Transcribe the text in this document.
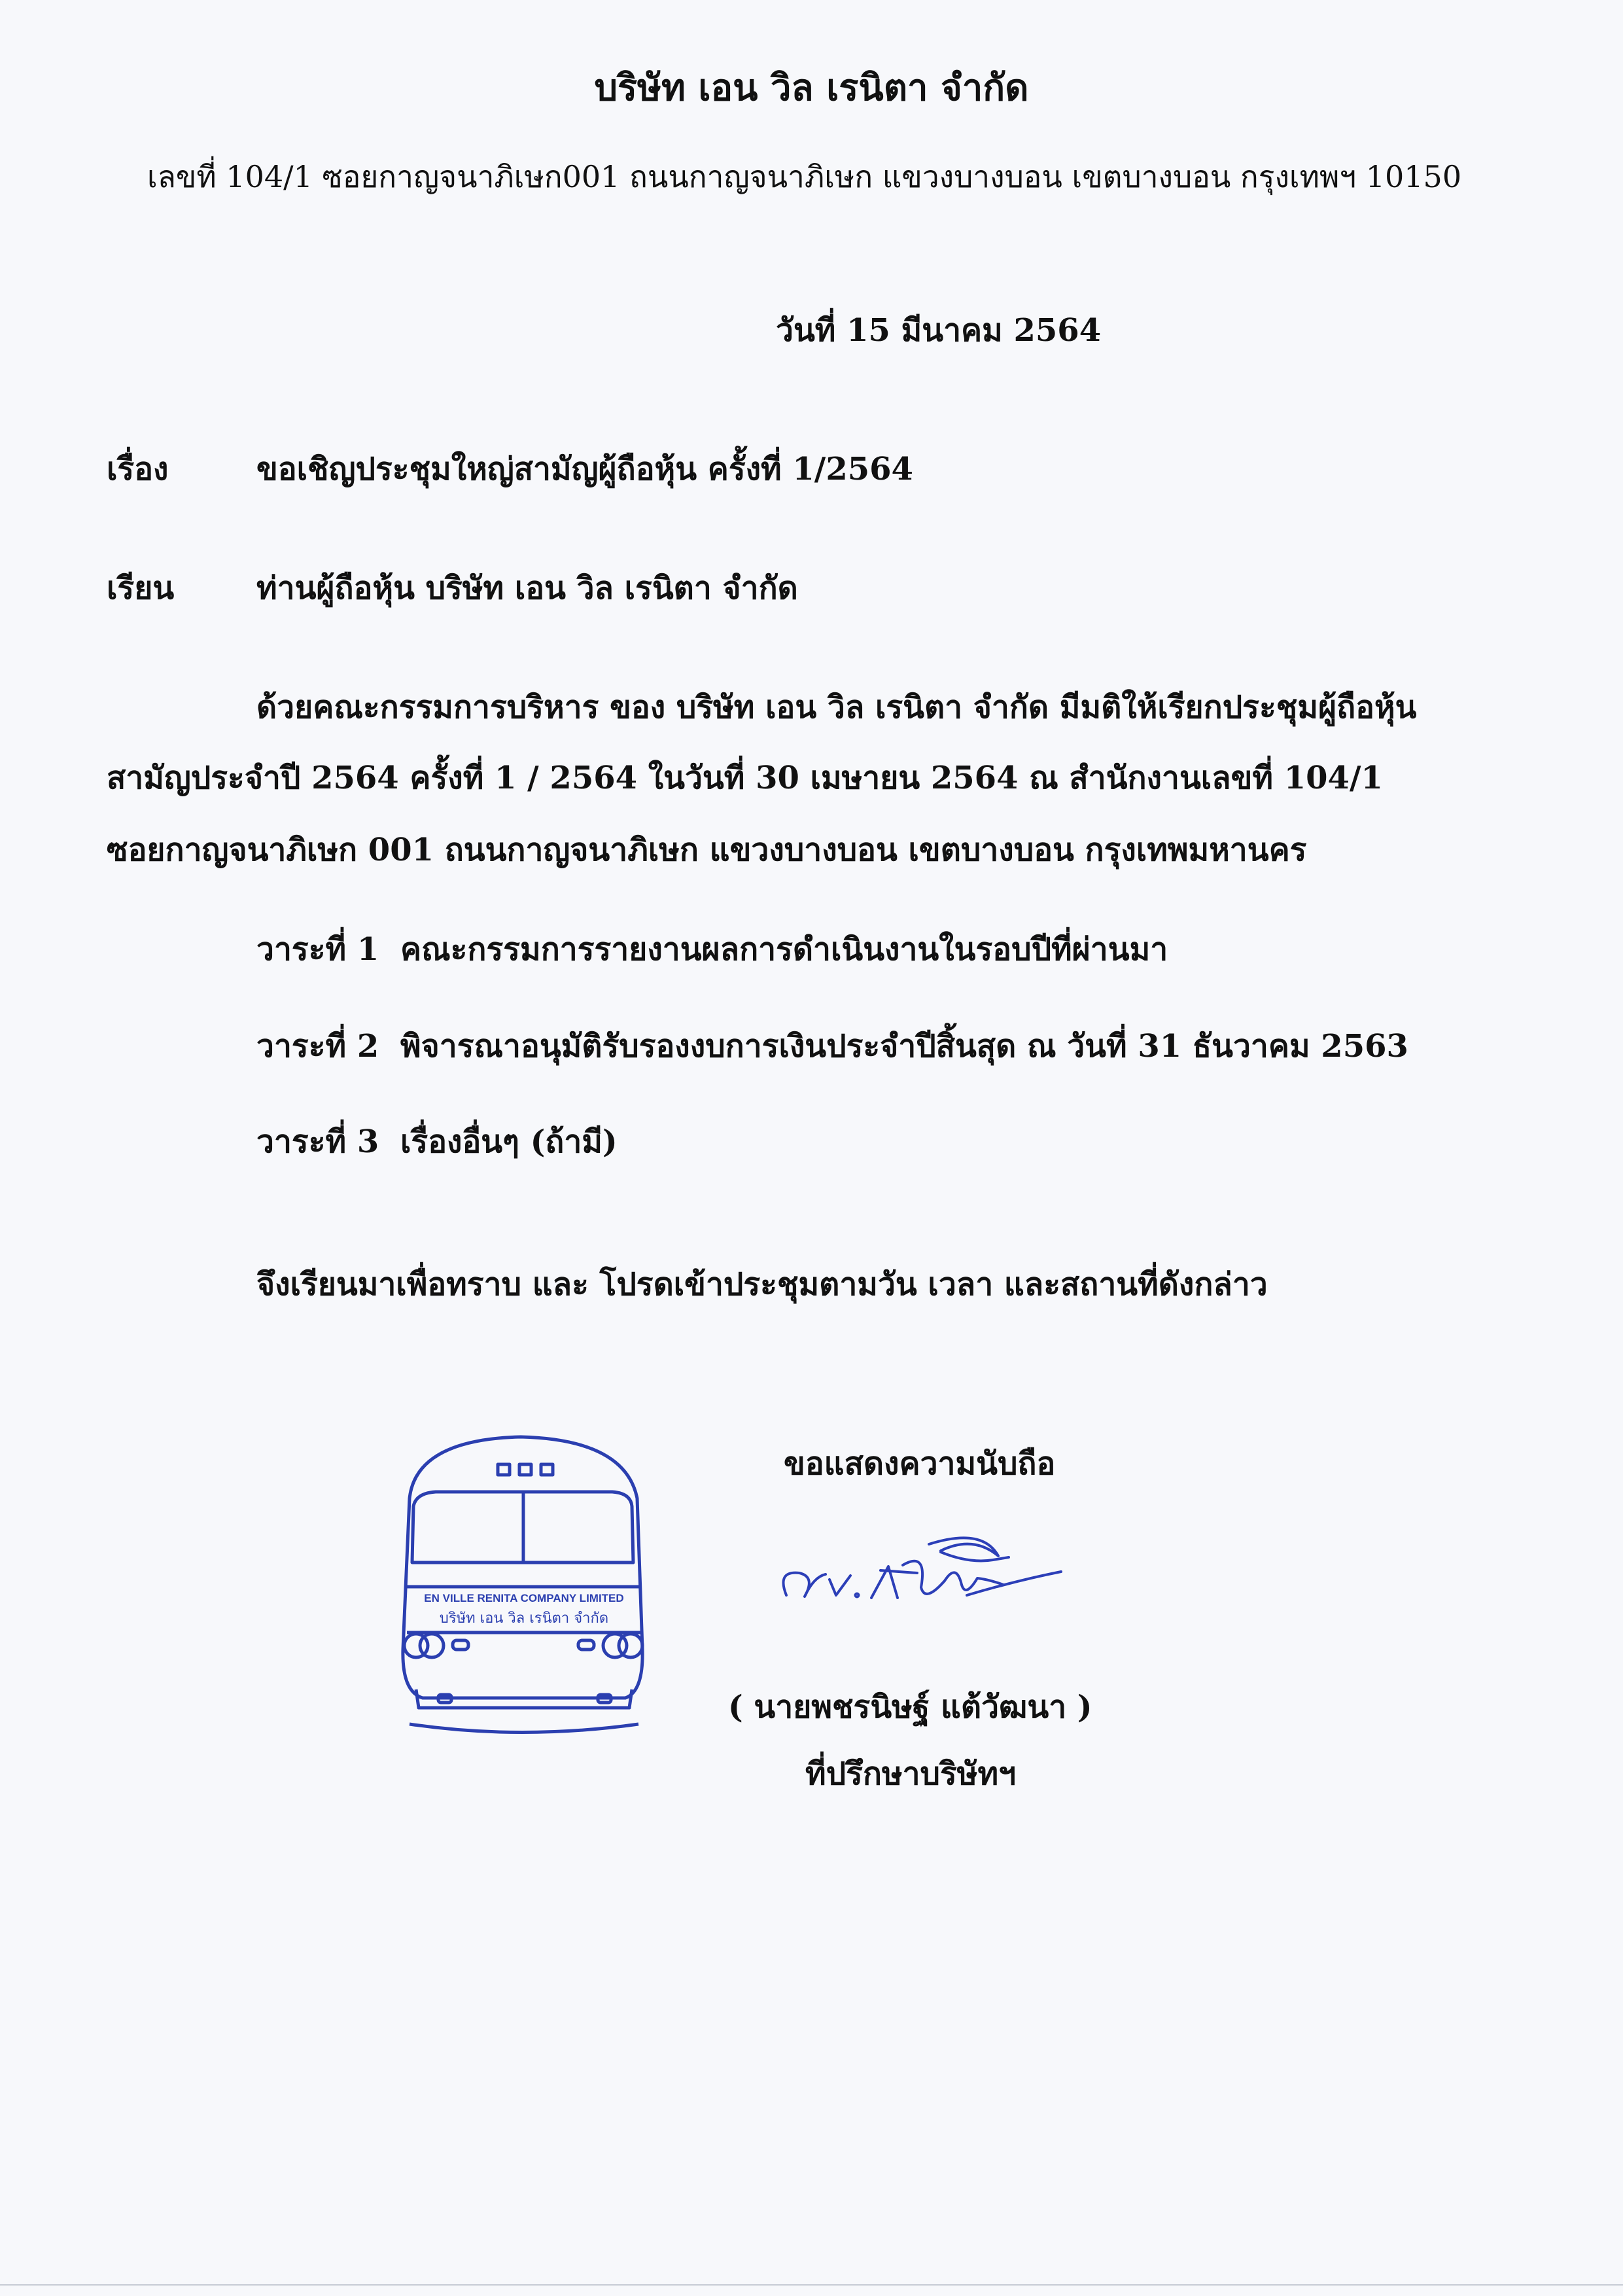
บริษัท เอน วิล เรนิตา จำกัด
เลขที่ 104/1 ซอยกาญจนาภิเษก001 ถนนกาญจนาภิเษก แขวงบางบอน เขตบางบอน กรุงเทพฯ 10150
วันที่ 15 มีนาคม 2564
เรื่อง	ขอเชิญประชุมใหญ่สามัญผู้ถือหุ้น ครั้งที่ 1/2564
เรียน	ท่านผู้ถือหุ้น บริษัท เอน วิล เรนิตา จำกัด
ด้วยคณะกรรมการบริหาร ของ บริษัท เอน วิล เรนิตา จำกัด มีมติให้เรียกประชุมผู้ถือหุ้น
สามัญประจำปี 2564 ครั้งที่ 1 / 2564 ในวันที่ 30 เมษายน 2564 ณ สำนักงานเลขที่ 104/1
ซอยกาญจนาภิเษก 001 ถนนกาญจนาภิเษก แขวงบางบอน เขตบางบอน กรุงเทพมหานคร
วาระที่ 1 คณะกรรมการรายงานผลการดำเนินงานในรอบปีที่ผ่านมา
วาระที่ 2 พิจารณาอนุมัติรับรองงบการเงินประจำปีสิ้นสุด ณ วันที่ 31 ธันวาคม 2563
วาระที่ 3 เรื่องอื่นๆ (ถ้ามี)
จึงเรียนมาเพื่อทราบ และ โปรดเข้าประชุมตามวัน เวลา และสถานที่ดังกล่าว
ขอแสดงความนับถือ
EN VILLE RENITA COMPANY LIMITED
บริษัท เอน วิล เรนิตา จำกัด
( นายพชรนิษฐ์ แต้วัฒนา )
ที่ปรึกษาบริษัทฯ
